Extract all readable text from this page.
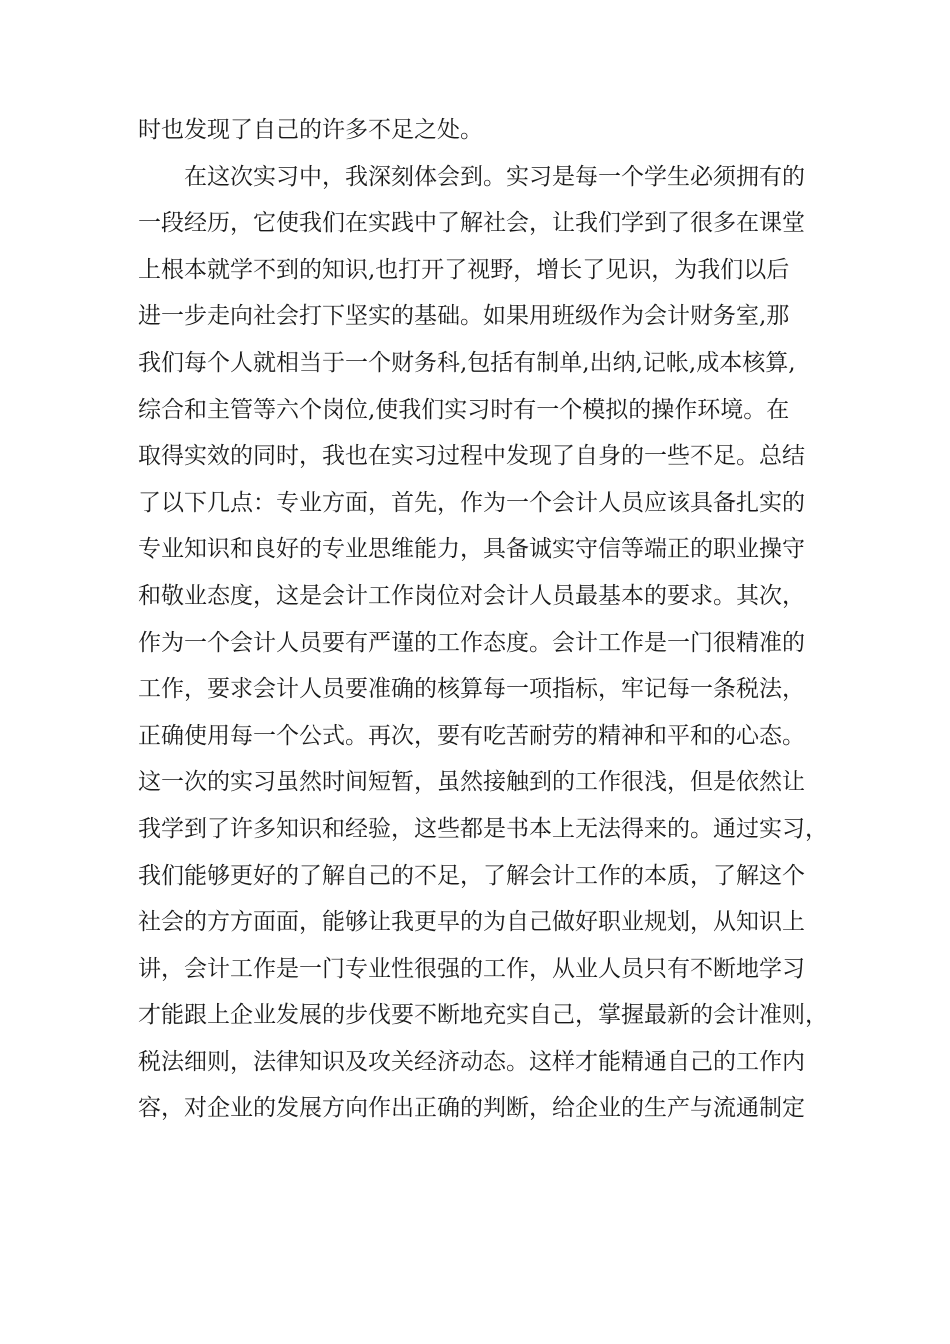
时也发现了自己的许多不足之处。
　　在这次实习中，我深刻体会到。实习是每一个学生必须拥有的
一段经历，它使我们在实践中了解社会，让我们学到了很多在课堂
上根本就学不到的知识,也打开了视野，增长了见识，为我们以后
进一步走向社会打下坚实的基础。如果用班级作为会计财务室,那
我们每个人就相当于一个财务科,包括有制单,出纳,记帐,成本核算,
综合和主管等六个岗位,使我们实习时有一个模拟的操作环境。在
取得实效的同时，我也在实习过程中发现了自身的一些不足。总结
了以下几点：专业方面，首先，作为一个会计人员应该具备扎实的
专业知识和良好的专业思维能力，具备诚实守信等端正的职业操守
和敬业态度，这是会计工作岗位对会计人员最基本的要求。其次，
作为一个会计人员要有严谨的工作态度。会计工作是一门很精准的
工作，要求会计人员要准确的核算每一项指标，牢记每一条税法，
正确使用每一个公式。再次，要有吃苦耐劳的精神和平和的心态。
这一次的实习虽然时间短暂，虽然接触到的工作很浅，但是依然让
我学到了许多知识和经验，这些都是书本上无法得来的。通过实习，
我们能够更好的了解自己的不足，了解会计工作的本质，了解这个
社会的方方面面，能够让我更早的为自己做好职业规划，从知识上
讲，会计工作是一门专业性很强的工作，从业人员只有不断地学习
才能跟上企业发展的步伐要不断地充实自己，掌握最新的会计准则，
税法细则，法律知识及攻关经济动态。这样才能精通自己的工作内
容，对企业的发展方向作出正确的判断，给企业的生产与流通制定
